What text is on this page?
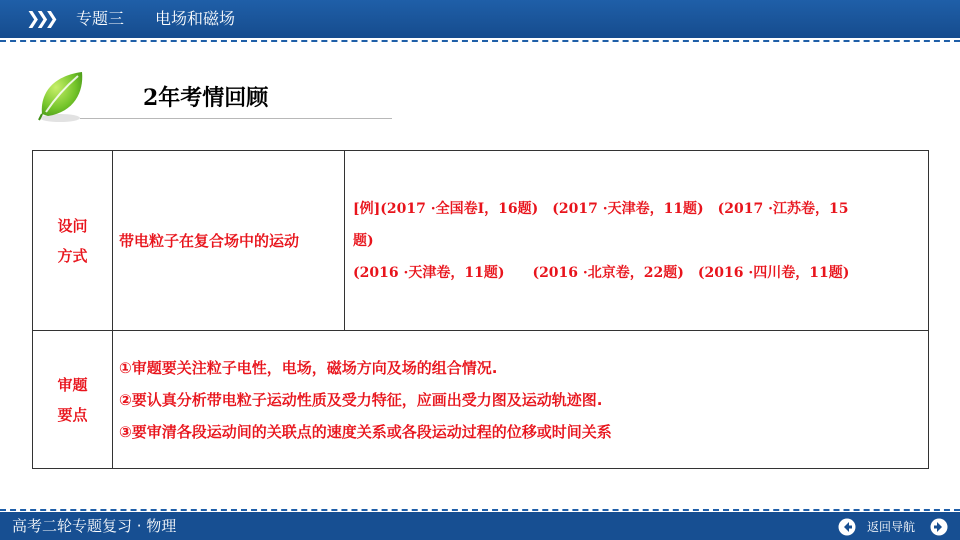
❯❯❯ 专题三 电场和磁场
2年考情回顾
设问
方式	带电粒子在复合场中的运动	[例](2017 ·全国卷Ⅰ，16题)　(2017 ·天津卷，11题)　(2017 ·江苏卷，15
题)
(2016 ·天津卷，11题)　　(2016 ·北京卷，22题)　(2016 ·四川卷，11题)

审题
要点	①审题要关注粒子电性，电场，磁场方向及场的组合情况.
②要认真分析带电粒子运动性质及受力特征，应画出受力图及运动轨迹图.
③要审清各段运动间的关联点的速度关系或各段运动过程的位移或时间关系	
高考二轮专题复习 · 物理	返回导航
